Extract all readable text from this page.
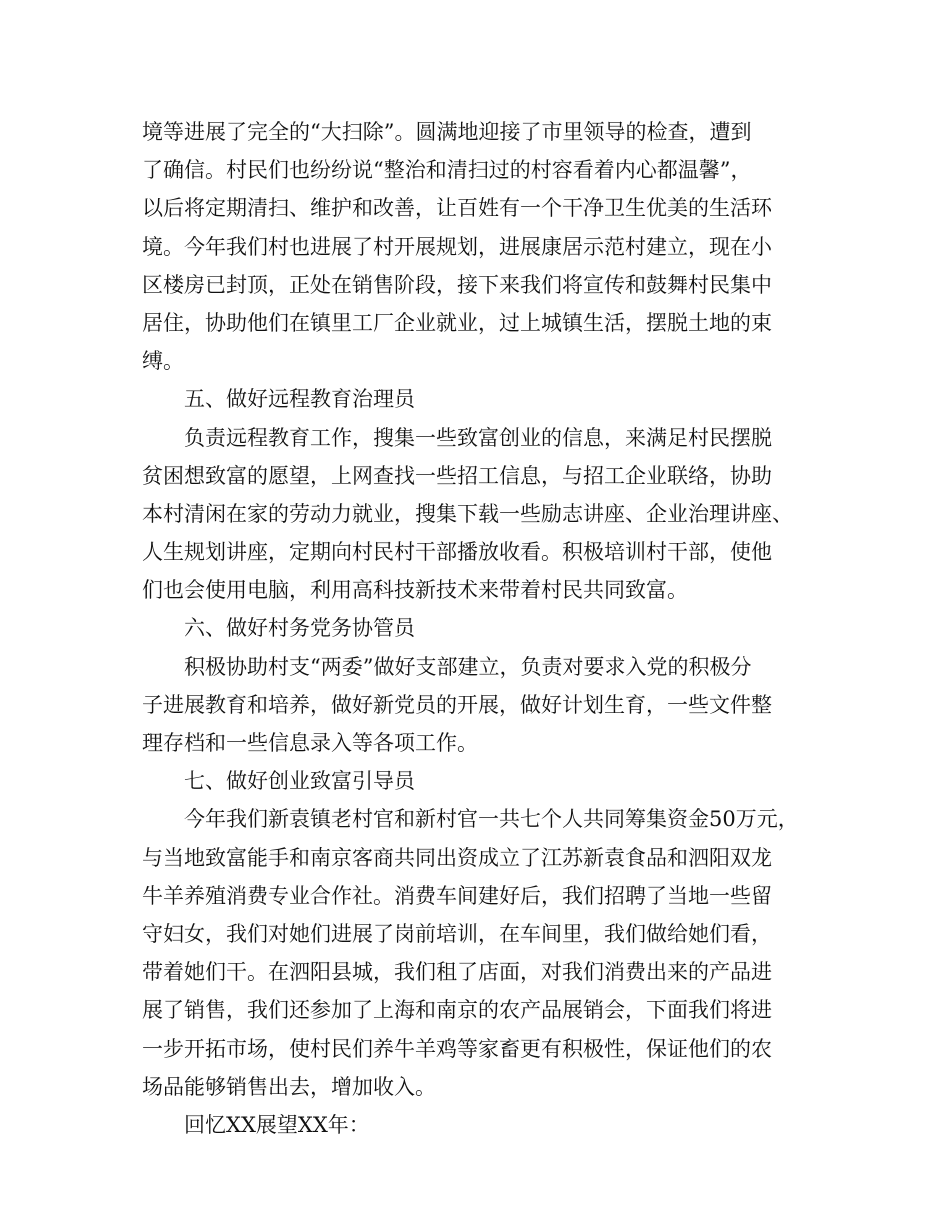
境等进展了完全的“大扫除”。圆满地迎接了市里领导的检查，遭到
了确信。村民们也纷纷说“整治和清扫过的村容看着内心都温馨”，
以后将定期清扫、维护和改善，让百姓有一个干净卫生优美的生活环
境。今年我们村也进展了村开展规划，进展康居示范村建立，现在小
区楼房已封顶，正处在销售阶段，接下来我们将宣传和鼓舞村民集中
居住，协助他们在镇里工厂企业就业，过上城镇生活，摆脱土地的束
缚。
五、做好远程教育治理员
负责远程教育工作，搜集一些致富创业的信息，来满足村民摆脱
贫困想致富的愿望，上网查找一些招工信息，与招工企业联络，协助
本村清闲在家的劳动力就业，搜集下载一些励志讲座、企业治理讲座、
人生规划讲座，定期向村民村干部播放收看。积极培训村干部，使他
们也会使用电脑，利用高科技新技术来带着村民共同致富。
六、做好村务党务协管员
积极协助村支“两委”做好支部建立，负责对要求入党的积极分
子进展教育和培养，做好新党员的开展，做好计划生育，一些文件整
理存档和一些信息录入等各项工作。
七、做好创业致富引导员
今年我们新袁镇老村官和新村官一共七个人共同筹集资金50万元，
与当地致富能手和南京客商共同出资成立了江苏新袁食品和泗阳双龙
牛羊养殖消费专业合作社。消费车间建好后，我们招聘了当地一些留
守妇女，我们对她们进展了岗前培训，在车间里，我们做给她们看，
带着她们干。在泗阳县城，我们租了店面，对我们消费出来的产品进
展了销售，我们还参加了上海和南京的农产品展销会，下面我们将进
一步开拓市场，使村民们养牛羊鸡等家畜更有积极性，保证他们的农
场品能够销售出去，增加收入。
回忆XX展望XX年：
